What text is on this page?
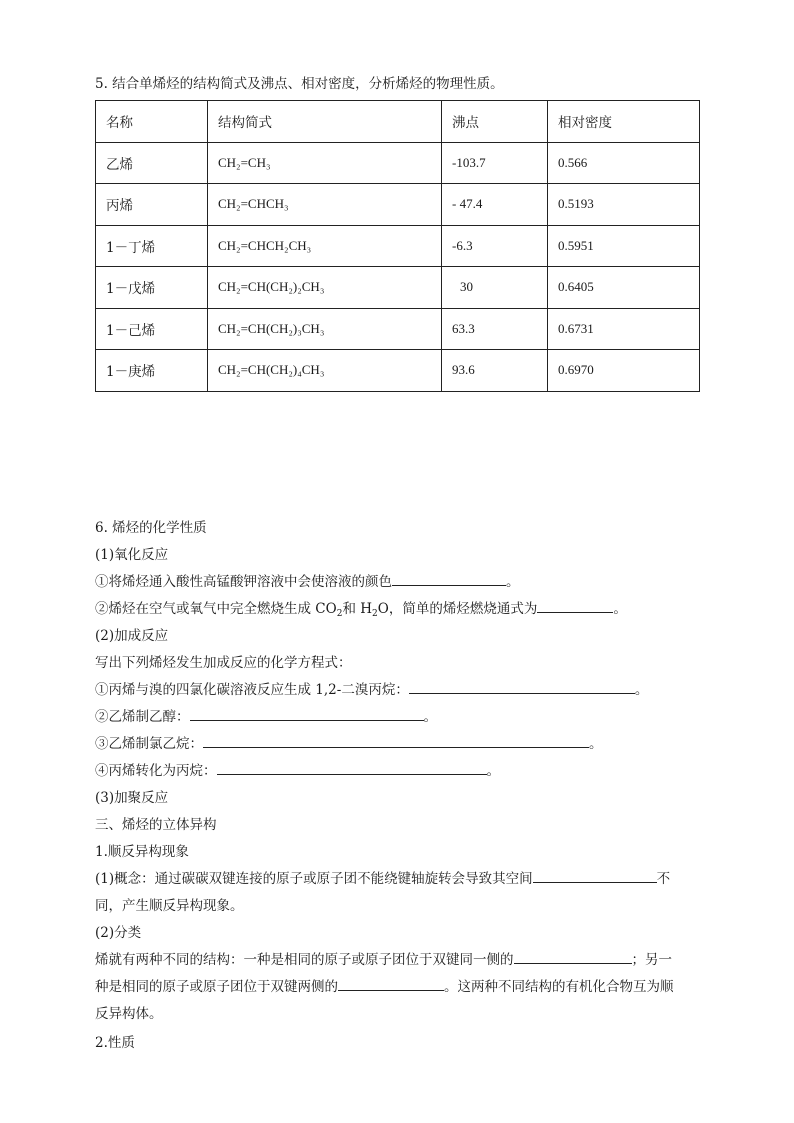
5. 结合单烯烃的结构简式及沸点、相对密度，分析烯烃的物理性质。
名称	结构简式	沸点	相对密度
乙烯	CH₂=CH₃	-103.7	0.566
丙烯	CH₂=CHCH₃	- 47.4	0.5193
1－丁烯	CH₂=CHCH₂CH₃	-6.3	0.5951
1－戊烯	CH₂=CH(CH₂)₂CH₃	30	0.6405
1－己烯	CH₂=CH(CH₂)₃CH₃	63.3	0.6731
1－庚烯	CH₂=CH(CH₂)₄CH₃	93.6	0.6970
6. 烯烃的化学性质
(1)氧化反应
①将烯烃通入酸性高锰酸钾溶液中会使溶液的颜色	。
②烯烃在空气或氧气中完全燃烧生成 $CO_2$和 $H_2O$，简单的烯烃燃烧通式为	。
(2)加成反应
写出下列烯烃发生加成反应的化学方程式：
①丙烯与溴的四氯化碳溶液反应生成 1,2-二溴丙烷：	。
②乙烯制乙醇：	。
③乙烯制氯乙烷：	。
④丙烯转化为丙烷：	。
(3)加聚反应
三、烯烃的立体异构
1.顺反异构现象
(1)概念：通过碳碳双键连接的原子或原子团不能绕键轴旋转会导致其空间	不
同，产生顺反异构现象。
(2)分类
烯就有两种不同的结构：一种是相同的原子或原子团位于双键同一侧的	；另一
种是相同的原子或原子团位于双键两侧的	。这两种不同结构的有机化合物互为顺
反异构体。
2.性质
